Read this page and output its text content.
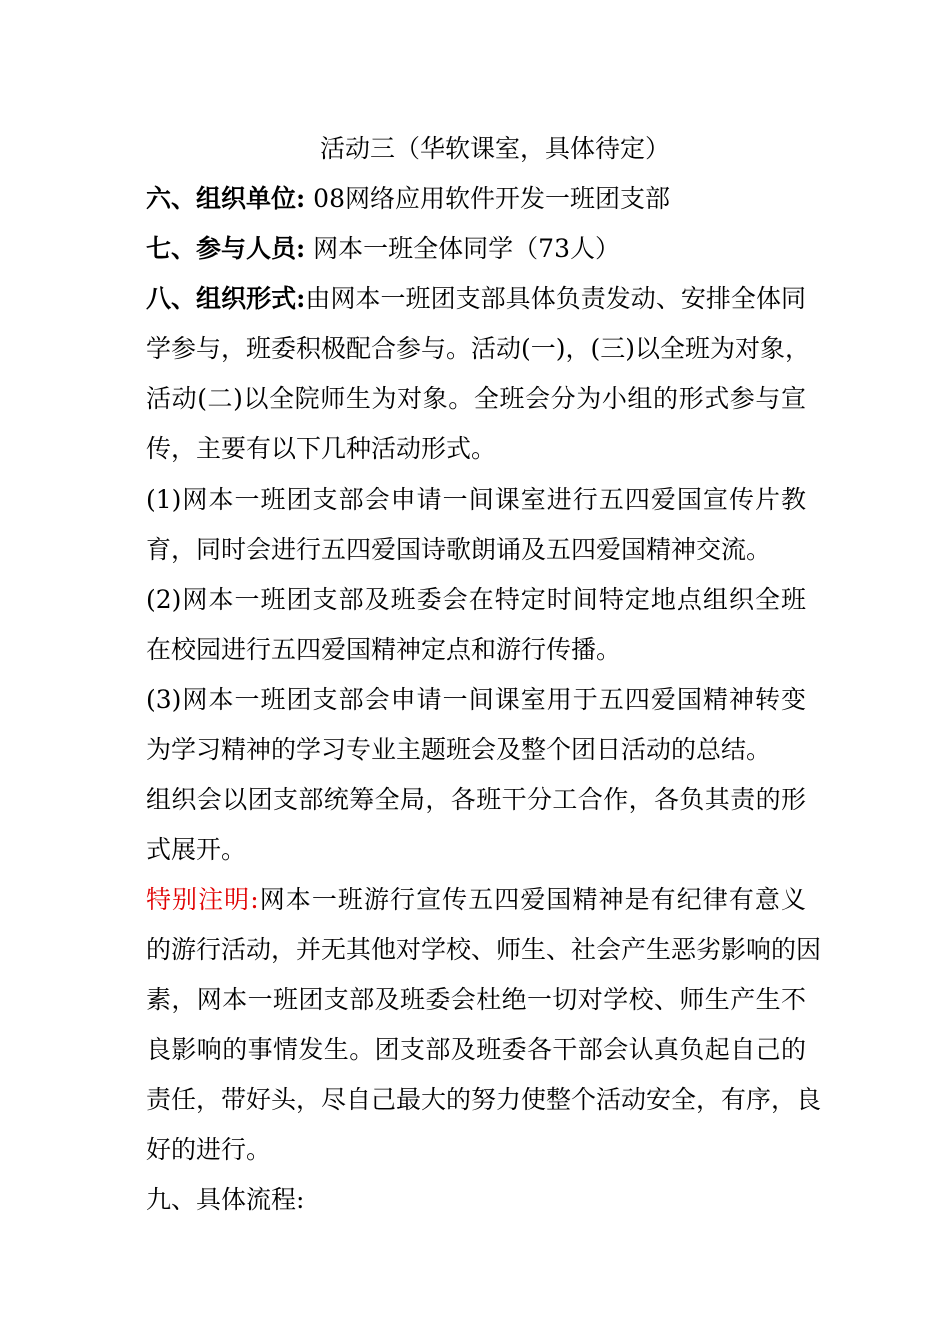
活动三（华软课室，具体待定）
六、组织单位: 08网络应用软件开发一班团支部
七、参与人员: 网本一班全体同学（73人）
八、组织形式:由网本一班团支部具体负责发动、安排全体同
学参与，班委积极配合参与。活动(一)，(三)以全班为对象，
活动(二)以全院师生为对象。全班会分为小组的形式参与宣
传，主要有以下几种活动形式。
(1)网本一班团支部会申请一间课室进行五四爱国宣传片教
育，同时会进行五四爱国诗歌朗诵及五四爱国精神交流。
(2)网本一班团支部及班委会在特定时间特定地点组织全班
在校园进行五四爱国精神定点和游行传播。
(3)网本一班团支部会申请一间课室用于五四爱国精神转变
为学习精神的学习专业主题班会及整个团日活动的总结。
组织会以团支部统筹全局，各班干分工合作，各负其责的形
式展开。
特别注明:网本一班游行宣传五四爱国精神是有纪律有意义
的游行活动，并无其他对学校、师生、社会产生恶劣影响的因
素，网本一班团支部及班委会杜绝一切对学校、师生产生不
良影响的事情发生。团支部及班委各干部会认真负起自己的
责任，带好头，尽自己最大的努力使整个活动安全，有序，良
好的进行。
九、具体流程:
